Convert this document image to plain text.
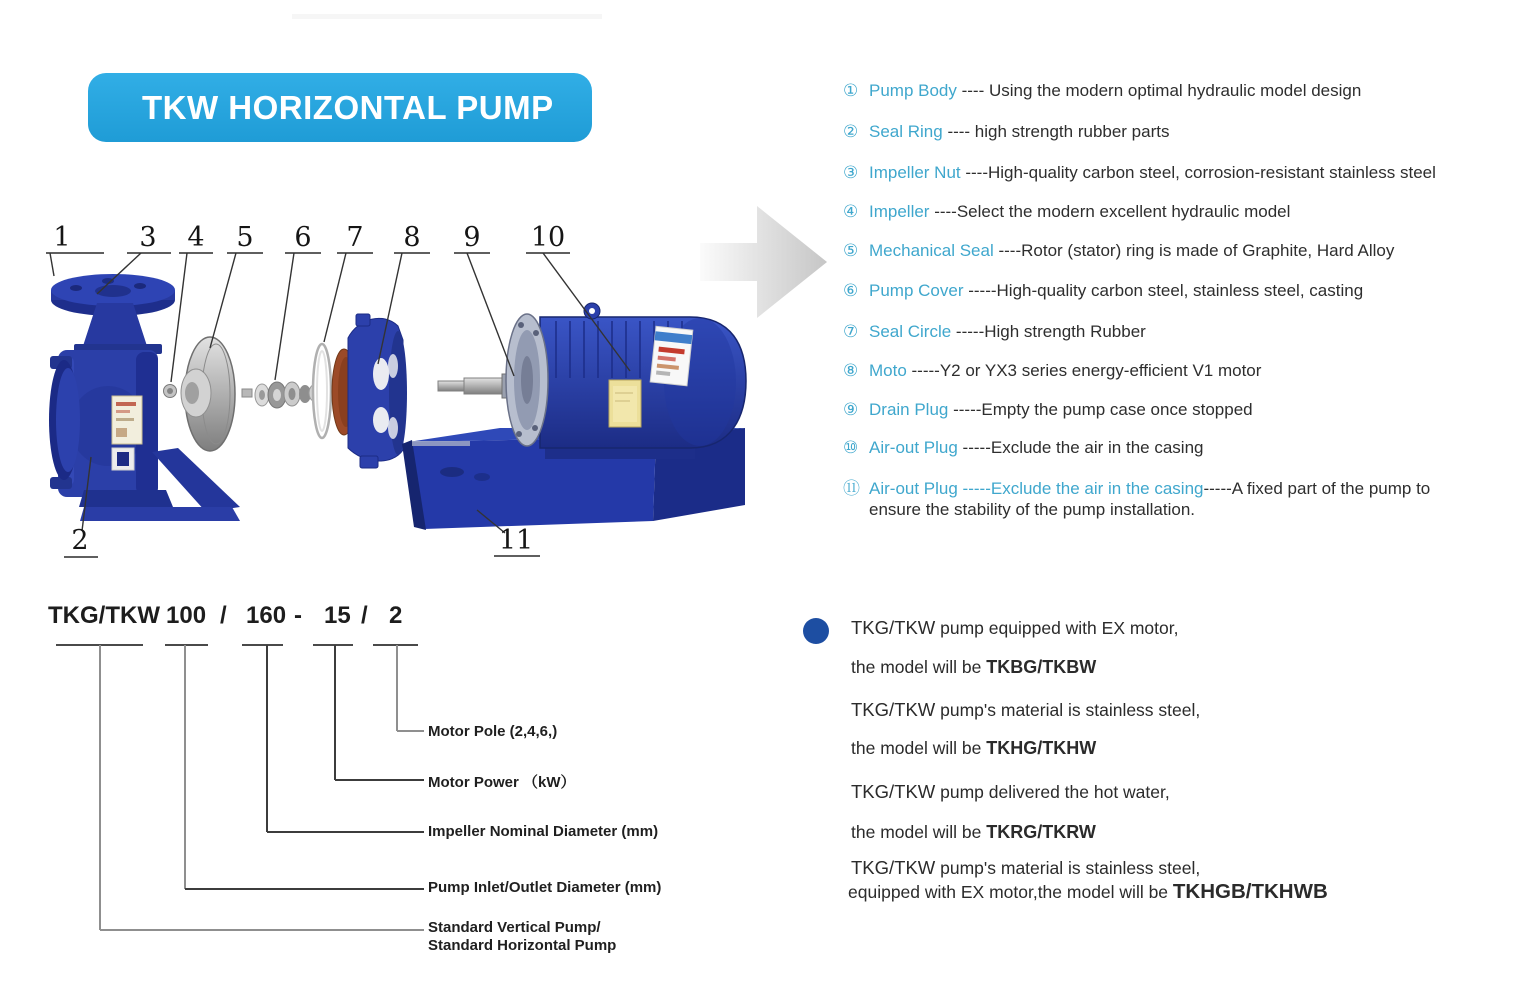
TKW HORIZONTAL PUMP
1	3 4 5 6 7 8 9 10
2	11
① Pump Body ---- Using the modern optimal hydraulic model design
② Seal Ring ---- high strength rubber parts
③ Impeller Nut ----High-quality carbon steel, corrosion-resistant stainless steel
④ Impeller ----Select the modern excellent hydraulic model
⑤ Mechanical Seal ----Rotor (stator) ring is made of Graphite, Hard Alloy
⑥ Pump Cover -----High-quality carbon steel, stainless steel, casting
⑦ Seal Circle -----High strength Rubber
⑧ Moto -----Y2 or YX3 series energy-efficient V1 motor
⑨ Drain Plug -----Empty the pump case once stopped
⑩ Air-out Plug -----Exclude the air in the casing
⑪ Air-out Plug -----Exclude the air in the casing-----A fixed part of the pump to
ensure the stability of the pump installation.
TKG/TKW 100 / 160 - 15 / 2
Motor Pole (2,4,6,)
Motor Power （kW）
Impeller Nominal Diameter (mm)
Pump Inlet/Outlet Diameter (mm)
Standard Vertical Pump/
Standard Horizontal Pump
TKG/TKW pump equipped with EX motor,
the model will be TKBG/TKBW
TKG/TKW pump's material is stainless steel,
the model will be TKHG/TKHW
TKG/TKW pump delivered the hot water,
the model will be TKRG/TKRW
TKG/TKW pump's material is stainless steel,
equipped with EX motor,the model will be TKHGB/TKHWB
